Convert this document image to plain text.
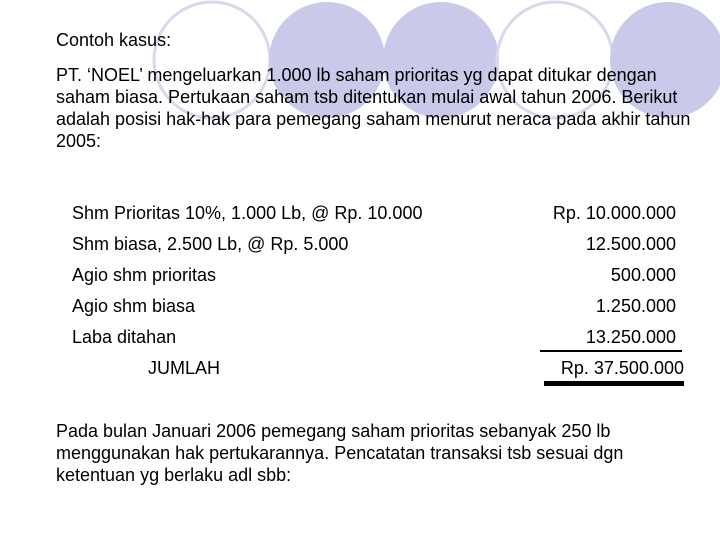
Contoh kasus:

PT. ‘NOEL’ mengeluarkan 1.000 lb saham prioritas yg dapat ditukar dengan saham biasa. Pertukaan saham tsb ditentukan mulai awal tahun 2006. Berikut adalah posisi hak-hak para pemegang saham menurut neraca pada akhir tahun 2005:

Shm Prioritas 10%, 1.000 Lb, @ Rp. 10.000	Rp. 10.000.000
Shm biasa, 2.500 Lb, @ Rp. 5.000	12.500.000
Agio shm prioritas	500.000
Agio shm biasa	1.250.000
Laba ditahan	13.250.000
JUMLAH	Rp. 37.500.000

Pada bulan Januari 2006 pemegang saham prioritas sebanyak 250 lb menggunakan hak pertukarannya. Pencatatan transaksi tsb sesuai dgn ketentuan yg berlaku adl sbb:
